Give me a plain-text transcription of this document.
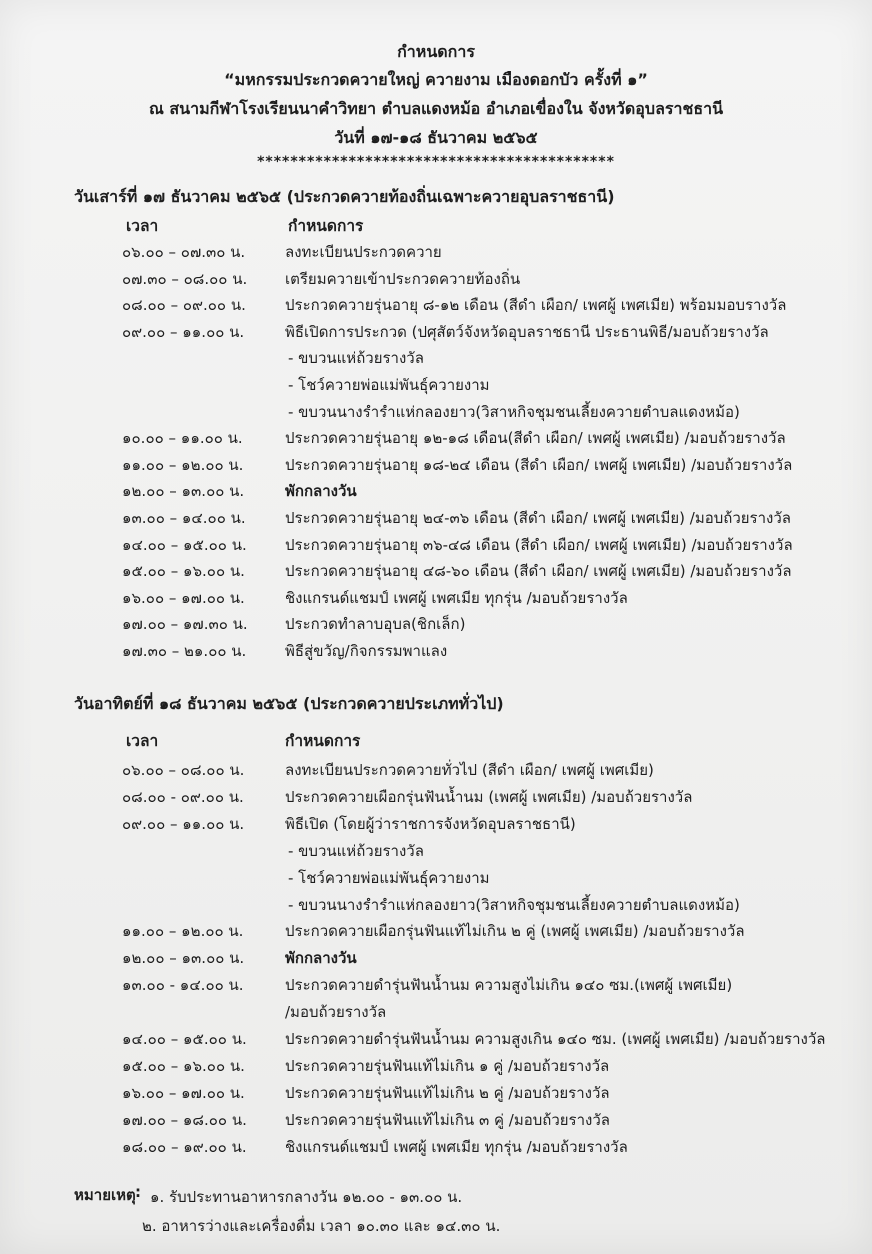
กำหนดการ
“มหกรรมประกวดควายใหญ่ ควายงาม เมืองดอกบัว ครั้งที่ ๑”
ณ สนามกีฬาโรงเรียนนาคำวิทยา ตำบลแดงหม้อ อำเภอเขื่องใน จังหวัดอุบลราชธานี
วันที่ ๑๗-๑๘ ธันวาคม ๒๕๖๕
*******************************************
วันเสาร์ที่ ๑๗ ธันวาคม ๒๕๖๕ (ประกวดควายท้องถิ่นเฉพาะควายอุบลราชธานี)
เวลา	กำหนดการ
๐๖.๐๐ – ๐๗.๓๐ น.	ลงทะเบียนประกวดควาย
๐๗.๓๐ – ๐๘.๐๐ น.	เตรียมควายเข้าประกวดควายท้องถิ่น
๐๘.๐๐ – ๐๙.๐๐ น.	ประกวดควายรุ่นอายุ ๘-๑๒ เดือน (สีดำ เผือก/ เพศผู้ เพศเมีย) พร้อมมอบรางวัล
๐๙.๐๐ – ๑๑.๐๐ น.	พิธีเปิดการประกวด (ปศุสัตว์จังหวัดอุบลราชธานี ประธานพิธี/มอบถ้วยรางวัล
- ขบวนแห่ถ้วยรางวัล
- โชว์ควายพ่อแม่พันธุ์ควายงาม
- ขบวนนางรำรำแห่กลองยาว(วิสาหกิจชุมชนเลี้ยงควายตำบลแดงหม้อ)
๑๐.๐๐ – ๑๑.๐๐ น.	ประกวดควายรุ่นอายุ ๑๒-๑๘ เดือน(สีดำ เผือก/ เพศผู้ เพศเมีย) /มอบถ้วยรางวัล
๑๑.๐๐ – ๑๒.๐๐ น.	ประกวดควายรุ่นอายุ ๑๘-๒๔ เดือน (สีดำ เผือก/ เพศผู้ เพศเมีย) /มอบถ้วยรางวัล
๑๒.๐๐ – ๑๓.๐๐ น.	พักกลางวัน
๑๓.๐๐ – ๑๔.๐๐ น.	ประกวดควายรุ่นอายุ ๒๔-๓๖ เดือน (สีดำ เผือก/ เพศผู้ เพศเมีย) /มอบถ้วยรางวัล
๑๔.๐๐ – ๑๕.๐๐ น.	ประกวดควายรุ่นอายุ ๓๖-๔๘ เดือน (สีดำ เผือก/ เพศผู้ เพศเมีย) /มอบถ้วยรางวัล
๑๕.๐๐ – ๑๖.๐๐ น.	ประกวดควายรุ่นอายุ ๔๘-๖๐ เดือน (สีดำ เผือก/ เพศผู้ เพศเมีย) /มอบถ้วยรางวัล
๑๖.๐๐ – ๑๗.๐๐ น.	ชิงแกรนด์แชมป์ เพศผู้ เพศเมีย ทุกรุ่น /มอบถ้วยรางวัล
๑๗.๐๐ – ๑๗.๓๐ น. ประกวดทำลาบอุบล(ชิกเล็ก)
๑๗.๓๐ – ๒๑.๐๐ น.	พิธีสู่ขวัญ/กิจกรรมพาแลง
วันอาทิตย์ที่ ๑๘ ธันวาคม ๒๕๖๕ (ประกวดควายประเภททั่วไป)
เวลา	กำหนดการ
๐๖.๐๐ – ๐๘.๐๐ น.	ลงทะเบียนประกวดควายทั่วไป (สีดำ เผือก/ เพศผู้ เพศเมีย)
๐๘.๐๐ - ๐๙.๐๐ น.	ประกวดควายเผือกรุ่นฟันน้ำนม (เพศผู้ เพศเมีย) /มอบถ้วยรางวัล
๐๙.๐๐ – ๑๑.๐๐ น.	พิธีเปิด (โดยผู้ว่าราชการจังหวัดอุบลราชธานี)
- ขบวนแห่ถ้วยรางวัล
- โชว์ควายพ่อแม่พันธุ์ควายงาม
- ขบวนนางรำรำแห่กลองยาว(วิสาหกิจชุมชนเลี้ยงควายตำบลแดงหม้อ)
๑๑.๐๐ – ๑๒.๐๐ น.	ประกวดควายเผือกรุ่นฟันแท้ไม่เกิน ๒ คู่ (เพศผู้ เพศเมีย) /มอบถ้วยรางวัล
๑๒.๐๐ – ๑๓.๐๐ น.	พักกลางวัน
๑๓.๐๐ - ๑๔.๐๐ น.	ประกวดควายดำรุ่นฟันน้ำนม ความสูงไม่เกิน ๑๔๐ ซม.(เพศผู้ เพศเมีย)
/มอบถ้วยรางวัล
๑๔.๐๐ – ๑๕.๐๐ น.	ประกวดควายดำรุ่นฟันน้ำนม ความสูงเกิน ๑๔๐ ซม. (เพศผู้ เพศเมีย) /มอบถ้วยรางวัล
๑๕.๐๐ – ๑๖.๐๐ น.	ประกวดควายรุ่นฟันแท้ไม่เกิน ๑ คู่ /มอบถ้วยรางวัล
๑๖.๐๐ – ๑๗.๐๐ น.	ประกวดควายรุ่นฟันแท้ไม่เกิน ๒ คู่ /มอบถ้วยรางวัล
๑๗.๐๐ – ๑๘.๐๐ น.	ประกวดควายรุ่นฟันแท้ไม่เกิน ๓ คู่ /มอบถ้วยรางวัล
๑๘.๐๐ – ๑๙.๐๐ น.	ชิงแกรนด์แชมป์ เพศผู้ เพศเมีย ทุกรุ่น /มอบถ้วยรางวัล
หมายเหตุ : ๑. รับประทานอาหารกลางวัน ๑๒.๐๐ - ๑๓.๐๐ น.
๒. อาหารว่างและเครื่องดื่ม เวลา ๑๐.๓๐ และ ๑๔.๓๐ น.
